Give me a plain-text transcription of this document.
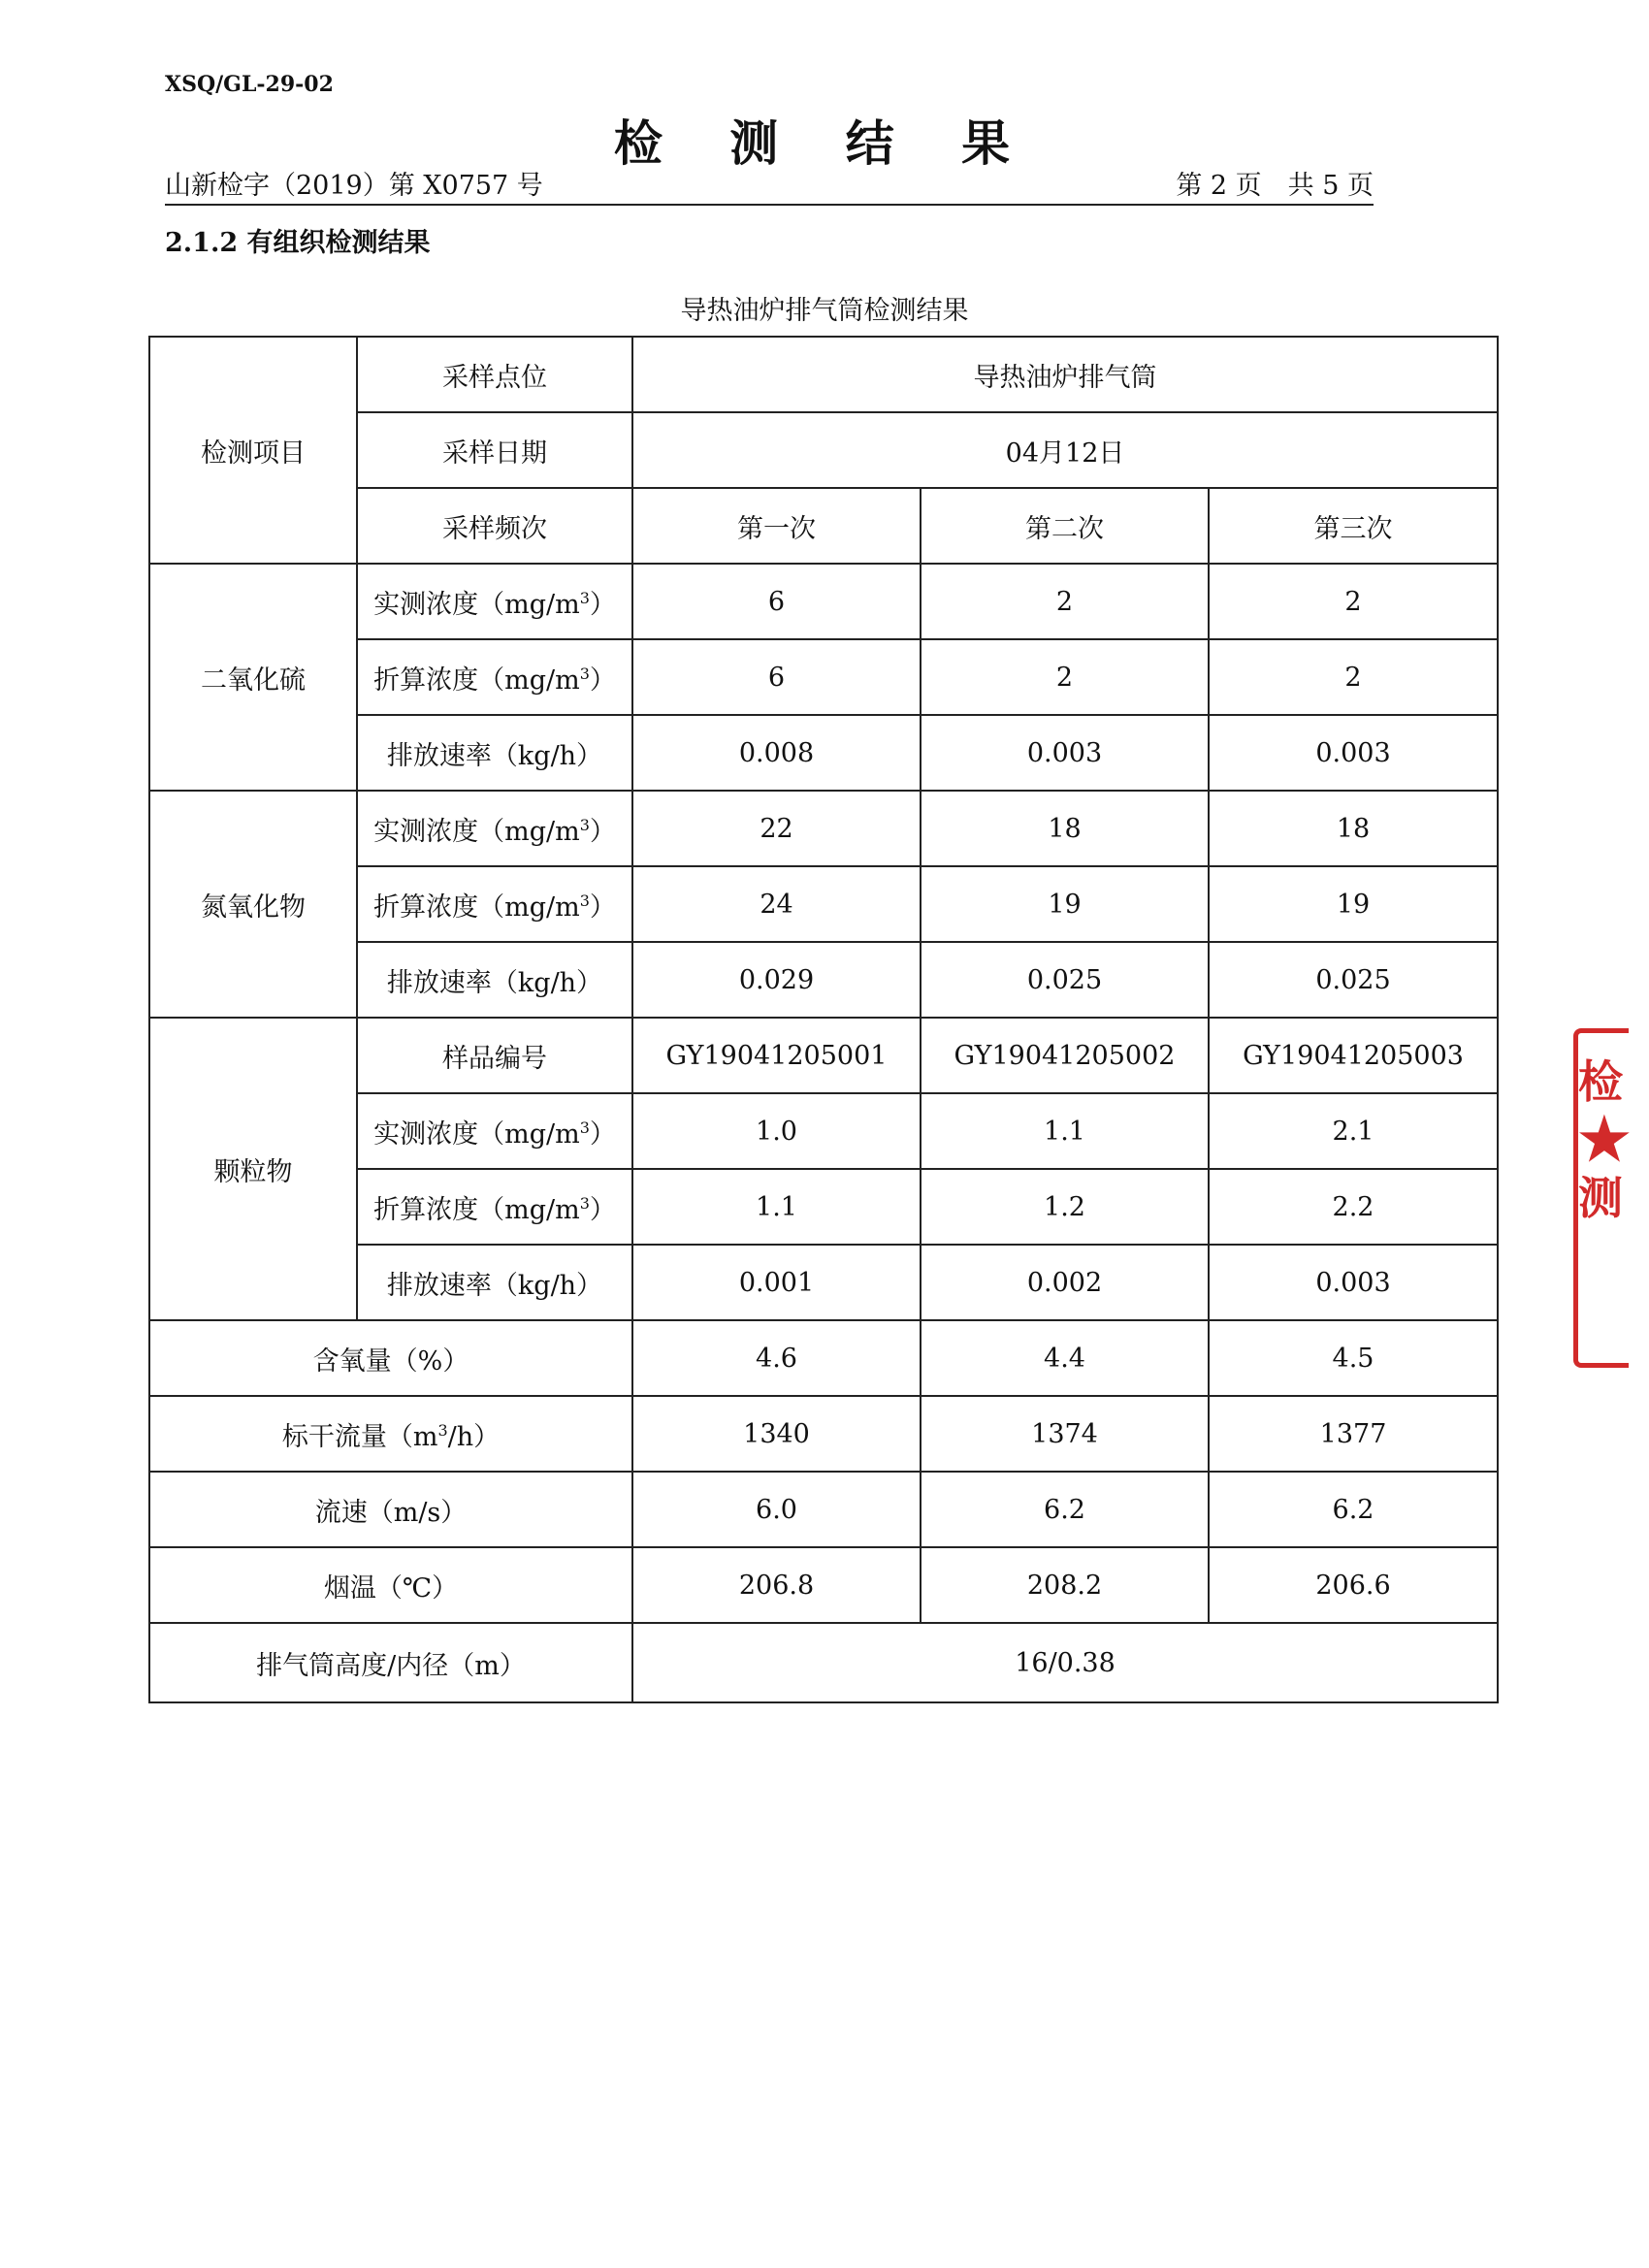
XSQ/GL-29-02
检 测 结 果
山新检字（2019）第 X0757 号	第 2 页　共 5 页
2.1.2 有组织检测结果
导热油炉排气筒检测结果
检测项目	采样点位	导热油炉排气筒		
	采样日期	04月12日		
	采样频次	第一次	第二次	第三次
二氧化硫	实测浓度$(mg/m^3)$	6	2	2
	折算浓度$(mg/m^3)$	6	2	2
	排放速率（kg/h）	0.008	0.003	0.003
氮氧化物	实测浓度$(mg/m^3)$	22	18	18
	折算浓度$(mg/m^3)$	24	19	19
	排放速率（kg/h）	0.029	0.025	0.025
颗粒物	样品编号	GY19041205001	GY19041205002	GY19041205003
	实测浓度$(mg/m^3)$	1.0	1.1	2.1
	折算浓度$(mg/m^3)$	1.1	1.2	2.2
	排放速率（kg/h）	0.001	0.002	0.003
含氧量（%）		4.6	4.4	4.5
标干流量$(m^3/h)$		1340	1374	1377
流速（m/s）		6.0	6.2	6.2
烟温（℃）		206.8	208.2	206.6
排气筒高度/内径（m）		16/0.38		
检
★
测
